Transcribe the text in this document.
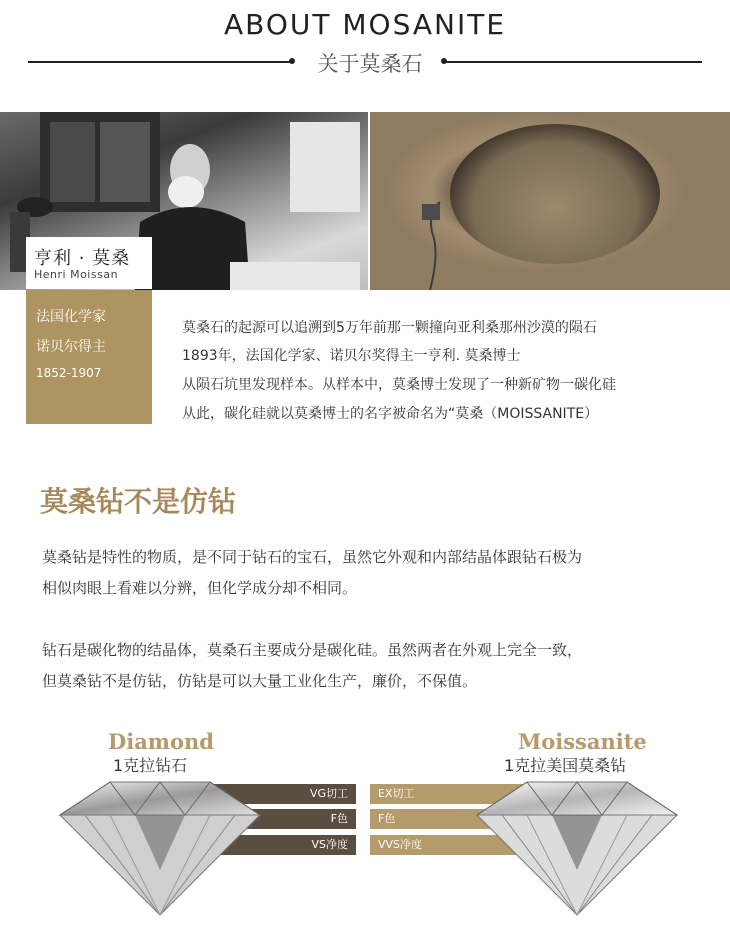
ABOUT MOSANITE
关于莫桑石
亨利 · 莫桑
Henri Moissan
法国化学家
诺贝尔得主
1852-1907
莫桑石的起源可以追溯到5万年前那一颗撞向亚利桑那州沙漠的陨石
1893年，法国化学家、诺贝尔奖得主一亨利. 莫桑博士
从陨石坑里发现样本。从样本中，莫桑博士发现了一种新矿物一碳化硅
从此，碳化硅就以莫桑博士的名字被命名为“莫桑（MOISSANITE）
莫桑钻不是仿钻
莫桑钻是特性的物质，是不同于钻石的宝石，虽然它外观和内部结晶体跟钻石极为
相似肉眼上看难以分辨，但化学成分却不相同。
钻石是碳化物的结晶体，莫桑石主要成分是碳化硅。虽然两者在外观上完全一致，
但莫桑钻不是仿钻，仿钻是可以大量工业化生产，廉价，不保值。
Diamond
1克拉钻石
Moissanite
1克拉美国莫桑钻
VG切工
F色
VS净度
EX切工
F色
VVS净度
